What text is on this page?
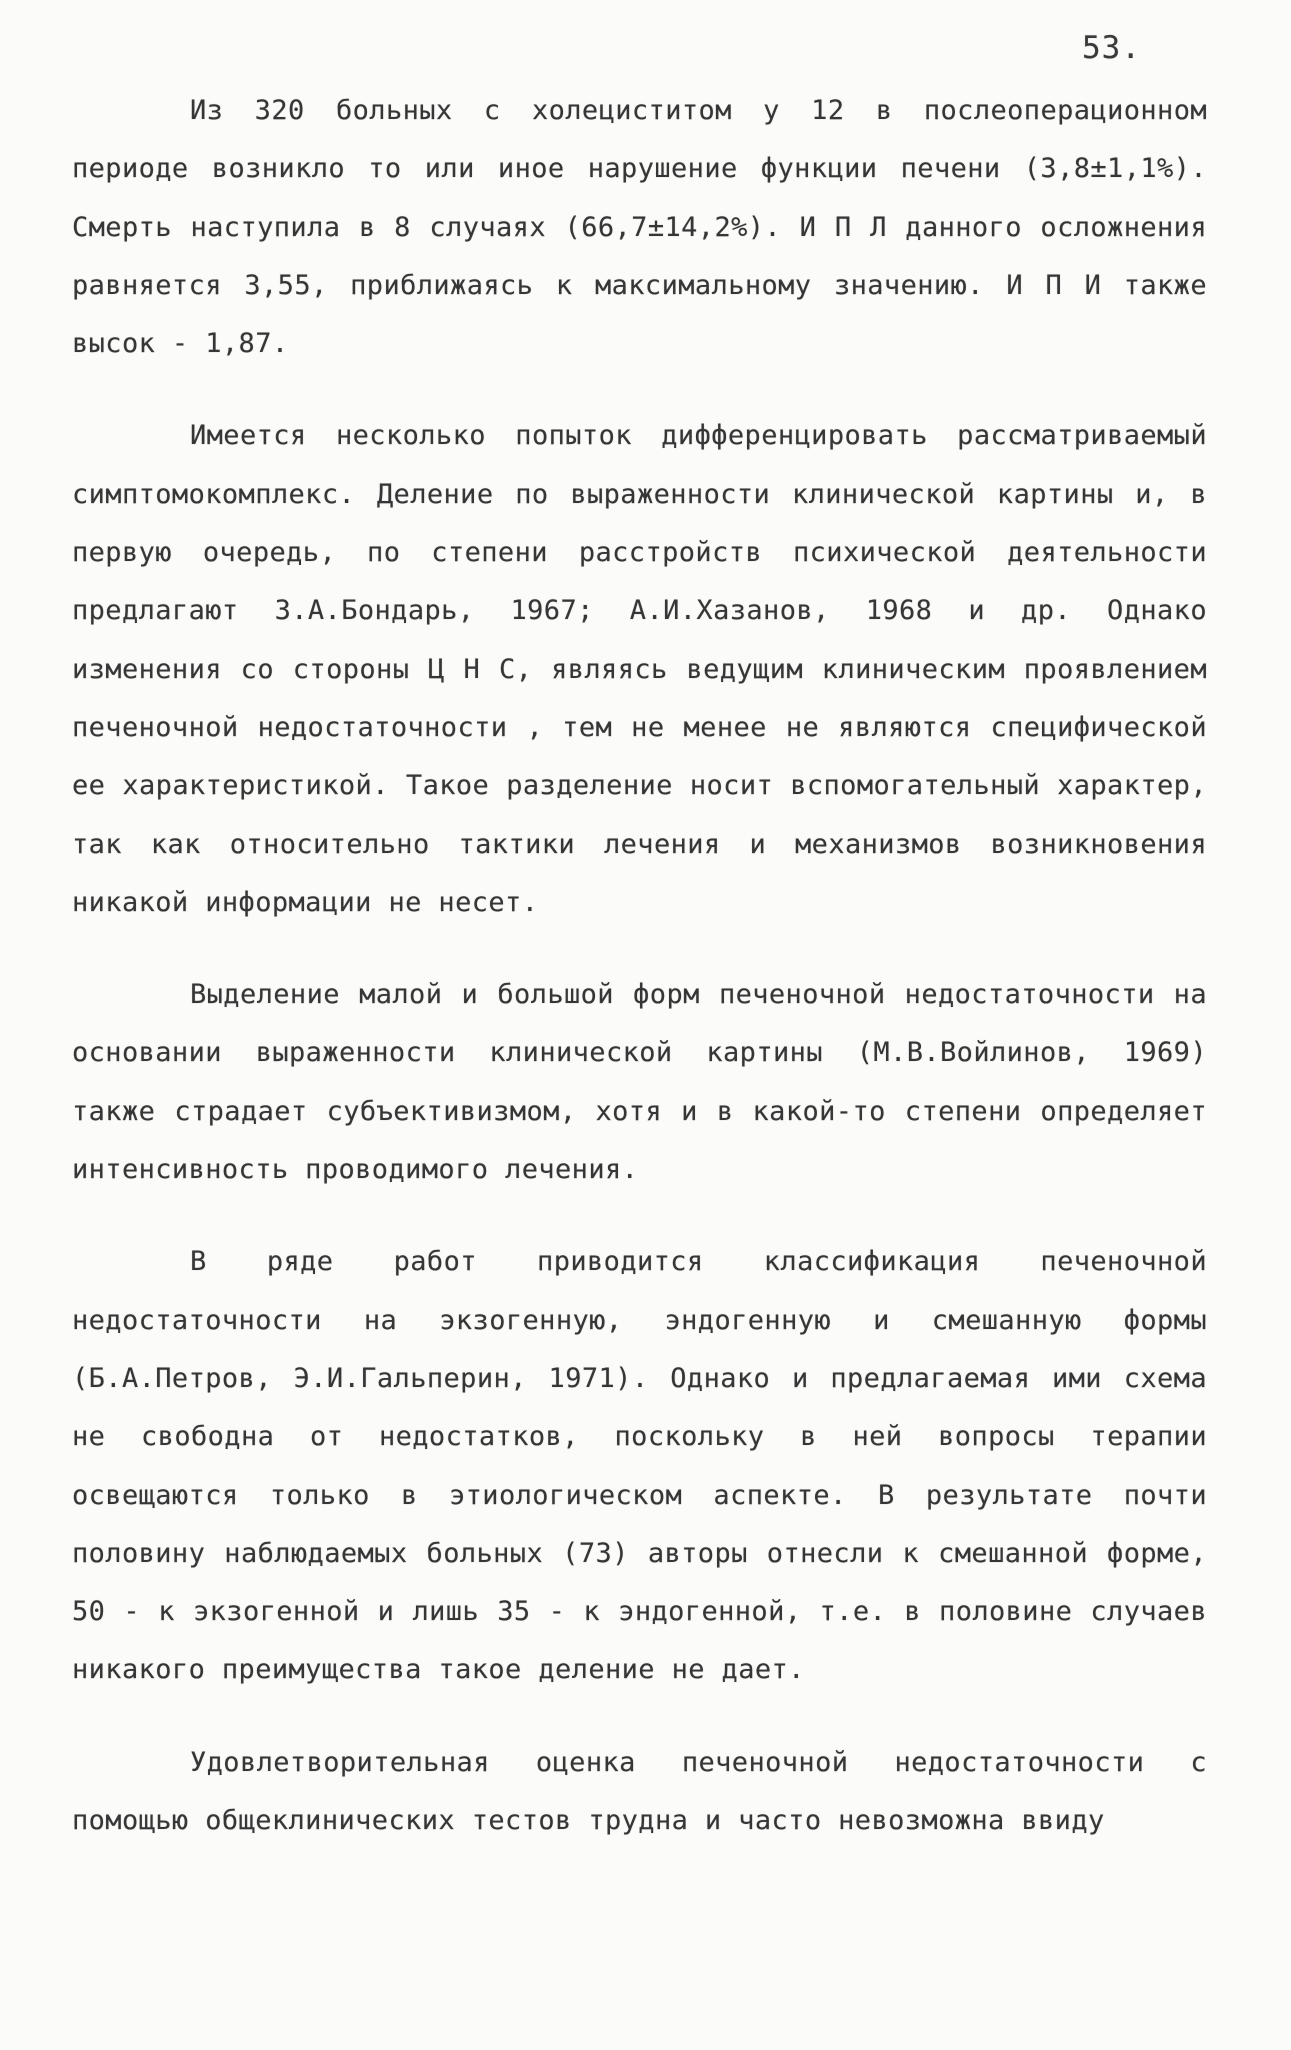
53.

Из 320 больных с холециститом у 12 в послеоперационном периоде возникло то или иное нарушение функции печени (3,8±1,1%). Смерть наступила в 8 случаях (66,7±14,2%). И П Л данного осложнения равняется 3,55, приближаясь к максимальному значению. И П И также высок - 1,87.

Имеется несколько попыток дифференцировать рассматриваемый симптомокомплекс. Деление по выраженности клинической картины и, в первую очередь, по степени расстройств психической деятельности предлагают З.А.Бондарь, 1967; А.И.Хазанов, 1968 и др. Однако изменения со стороны Ц Н С, являясь ведущим клиническим проявлением печеночной недостаточности , тем не менее не являются специфической ее характеристикой. Такое разделение носит вспомогательный характер, так как относительно тактики лечения и механизмов возникновения никакой информации не несет.

Выделение малой и большой форм печеночной недостаточности на основании выраженности клинической картины (М.В.Войлинов, 1969) также страдает субъективизмом, хотя и в какой-то степени определяет интенсивность проводимого лечения.

В ряде работ приводится классификация печеночной недостаточности на экзогенную, эндогенную и смешанную формы (Б.А.Петров, Э.И.Гальперин, 1971). Однако и предлагаемая ими схема не свободна от недостатков, поскольку в ней вопросы терапии освещаются только в этиологическом аспекте. В результате почти половину наблюдаемых больных (73) авторы отнесли к смешанной форме, 50 - к экзогенной и лишь 35 - к эндогенной, т.е. в половине случаев никакого преимущества такое деление не дает.

Удовлетворительная оценка печеночной недостаточности с помощью общеклинических тестов трудна и часто невозможна ввиду
